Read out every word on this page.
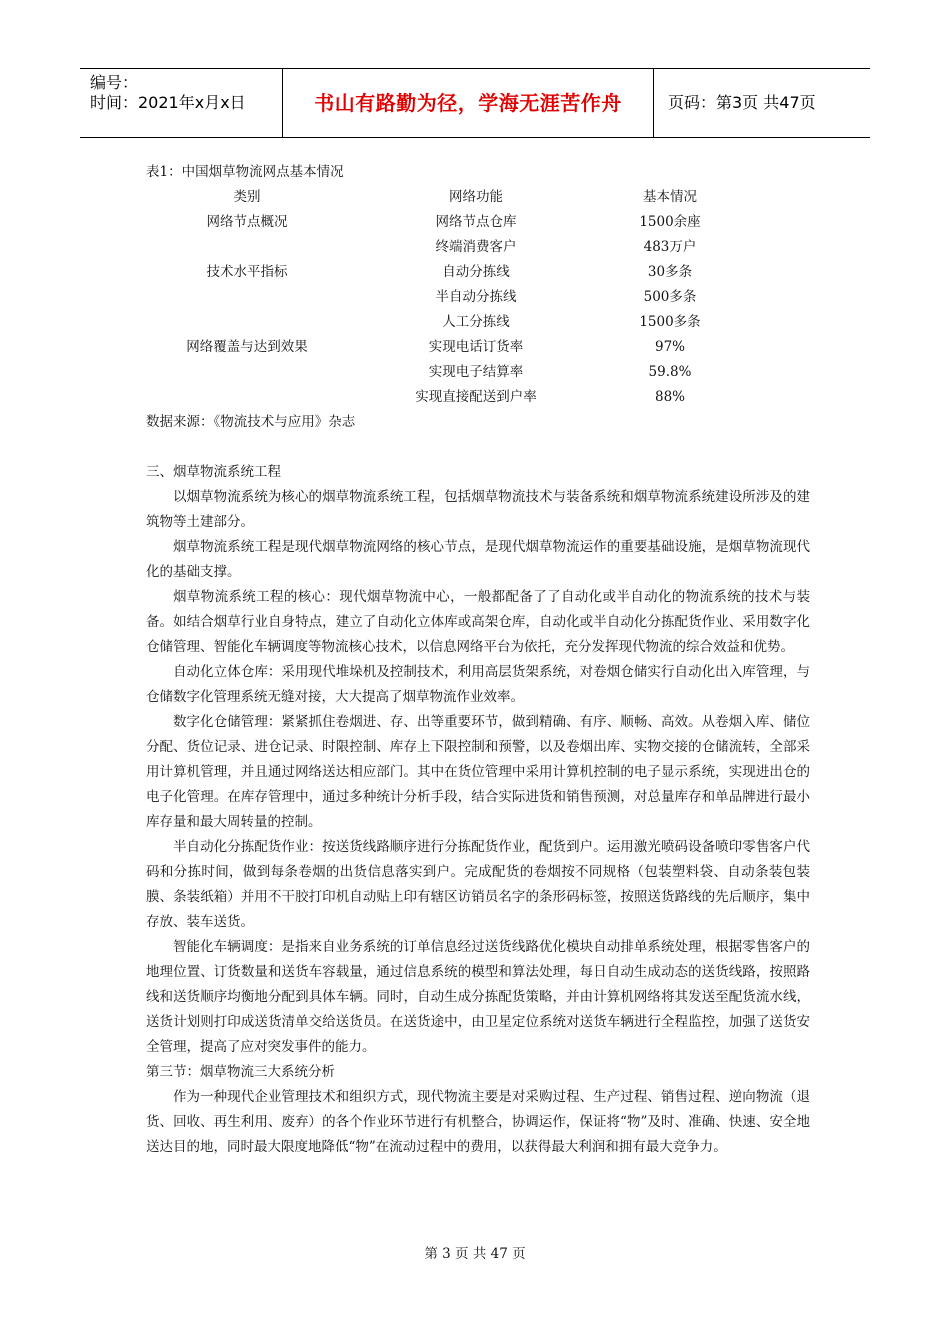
编号：
时间：2021年x月x日	书山有路勤为径，学海无涯苦作舟	页码：第3页 共47页
表1：中国烟草物流网点基本情况
类别	网络功能	基本情况
网络节点概况	网络节点仓库	1500余座
	终端消费客户	483万户
技术水平指标	自动分拣线	30多条
	半自动分拣线	500多条
	人工分拣线	1500多条
网络覆盖与达到效果	实现电话订货率	97%
	实现电子结算率	59.8%
	实现直接配送到户率	88%
数据来源：《物流技术与应用》杂志
三、烟草物流系统工程

以烟草物流系统为核心的烟草物流系统工程，包括烟草物流技术与装备系统和烟草物流系统建设所涉及的建筑物等土建部分。

烟草物流系统工程是现代烟草物流网络的核心节点，是现代烟草物流运作的重要基础设施，是烟草物流现代化的基础支撑。

烟草物流系统工程的核心：现代烟草物流中心，一般都配备了了自动化或半自动化的物流系统的技术与装备。如结合烟草行业自身特点，建立了自动化立体库或高架仓库，自动化或半自动化分拣配货作业、采用数字化仓储管理、智能化车辆调度等物流核心技术，以信息网络平台为依托，充分发挥现代物流的综合效益和优势。

自动化立体仓库：采用现代堆垛机及控制技术，利用高层货架系统，对卷烟仓储实行自动化出入库管理，与仓储数字化管理系统无缝对接，大大提高了烟草物流作业效率。

数字化仓储管理：紧紧抓住卷烟进、存、出等重要环节，做到精确、有序、顺畅、高效。从卷烟入库、储位分配、货位记录、进仓记录、时限控制、库存上下限控制和预警，以及卷烟出库、实物交接的仓储流转，全部采用计算机管理，并且通过网络送达相应部门。其中在货位管理中采用计算机控制的电子显示系统，实现进出仓的电子化管理。在库存管理中，通过多种统计分析手段，结合实际进货和销售预测，对总量库存和单品牌进行最小库存量和最大周转量的控制。

半自动化分拣配货作业：按送货线路顺序进行分拣配货作业，配货到户。运用激光喷码设备喷印零售客户代码和分拣时间，做到每条卷烟的出货信息落实到户。完成配货的卷烟按不同规格（包装塑料袋、自动条装包装膜、条装纸箱）并用不干胶打印机自动贴上印有辖区访销员名字的条形码标签，按照送货路线的先后顺序，集中存放、装车送货。

智能化车辆调度：是指来自业务系统的订单信息经过送货线路优化模块自动排单系统处理，根据零售客户的地理位置、订货数量和送货车容载量，通过信息系统的模型和算法处理，每日自动生成动态的送货线路，按照路线和送货顺序均衡地分配到具体车辆。同时，自动生成分拣配货策略，并由计算机网络将其发送至配货流水线，送货计划则打印成送货清单交给送货员。在送货途中，由卫星定位系统对送货车辆进行全程监控，加强了送货安全管理，提高了应对突发事件的能力。

第三节：烟草物流三大系统分析

作为一种现代企业管理技术和组织方式，现代物流主要是对采购过程、生产过程、销售过程、逆向物流（退货、回收、再生利用、废弃）的各个作业环节进行有机整合，协调运作，保证将“物”及时、准确、快速、安全地送达目的地，同时最大限度地降低“物”在流动过程中的费用，以获得最大利润和拥有最大竞争力。

第 3 页 共 47 页
